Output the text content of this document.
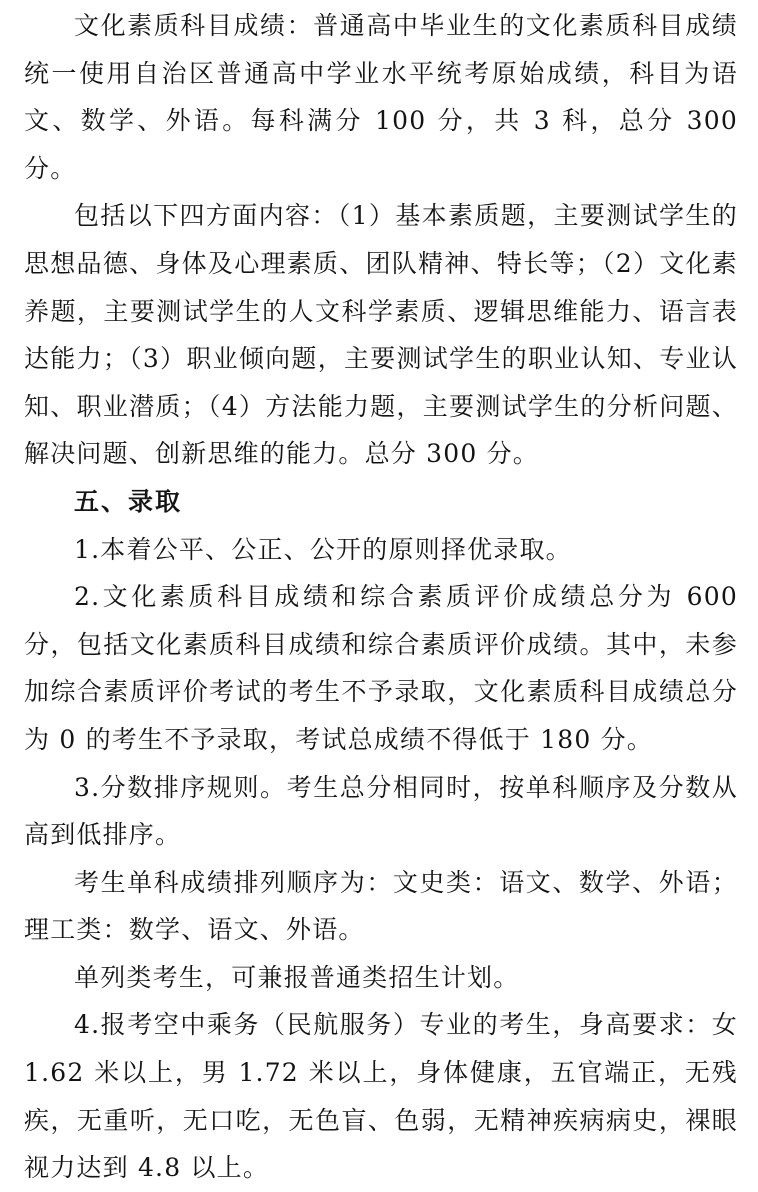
文化素质科目成绩：普通高中毕业生的文化素质科目成绩统一使用自治区普通高中学业水平统考原始成绩，科目为语文、数学、外语。每科满分 100 分，共 3 科，总分 300 分。

包括以下四方面内容：（1）基本素质题，主要测试学生的思想品德、身体及心理素质、团队精神、特长等；（2）文化素养题，主要测试学生的人文科学素质、逻辑思维能力、语言表达能力；（3）职业倾向题，主要测试学生的职业认知、专业认知、职业潜质；（4）方法能力题，主要测试学生的分析问题、解决问题、创新思维的能力。总分 300 分。

五、录取

1.本着公平、公正、公开的原则择优录取。

2.文化素质科目成绩和综合素质评价成绩总分为 600 分，包括文化素质科目成绩和综合素质评价成绩。其中，未参加综合素质评价考试的考生不予录取，文化素质科目成绩总分为 0 的考生不予录取，考试总成绩不得低于 180 分。

3.分数排序规则。考生总分相同时，按单科顺序及分数从高到低排序。

考生单科成绩排列顺序为：文史类：语文、数学、外语；理工类：数学、语文、外语。

单列类考生，可兼报普通类招生计划。

4.报考空中乘务（民航服务）专业的考生，身高要求：女 1.62 米以上，男 1.72 米以上，身体健康，五官端正，无残疾，无重听，无口吃，无色盲、色弱，无精神疾病病史，裸眼视力达到 4.8 以上。
